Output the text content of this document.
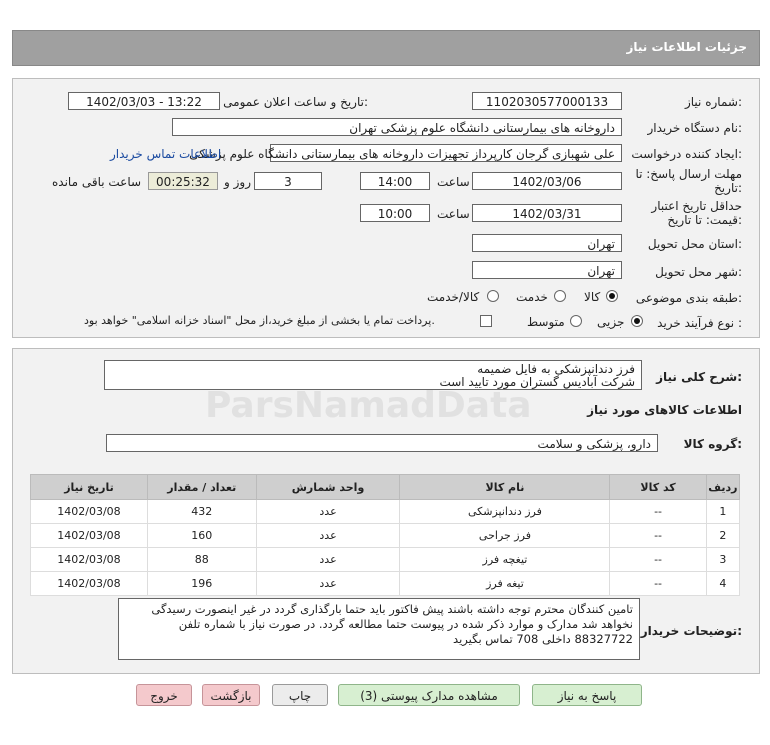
جزئیات اطلاعات نیاز
شماره نیاز:
1102030577000133
تاریخ و ساعت اعلان عمومی:
1402/03/03 - 13:22
نام دستگاه خریدار:
داروخانه های بیمارستانی دانشگاه علوم پزشکی تهران
ایجاد کننده درخواست:
علی شهبازی گرجان کارپرداز تجهیزات داروخانه های بیمارستانی دانشگاه علوم پزشکی
اطلاعات تماس خریدار
مهلت ارسال پاسخ: تا
تاریخ:
1402/03/06
ساعت
14:00
3
روز و
00:25:32
ساعت باقی مانده
حداقل تاریخ اعتبار
قیمت: تا تاریخ:
1402/03/31
ساعت
10:00
استان محل تحویل:
تهران
شهر محل تحویل:
تهران
طبقه بندی موضوعی:
کالا
خدمت
کالا/خدمت
نوع فرآیند خرید :
جزیی
متوسط
پرداخت تمام یا بخشی از مبلغ خرید،از محل "اسناد خزانه اسلامی" خواهد بود.
شرح کلی نیاز:
فرز دندانپزشکی به فایل ضمیمه
شرکت آبادیس گستران مورد تایید است
اطلاعات کالاهای مورد نیاز
گروه کالا:
دارو، پزشکی و سلامت
ردیف	کد کالا	نام کالا	واحد شمارش	تعداد / مقدار	تاریخ نیاز
1	--	فرز دندانپزشکی	عدد	432	1402/03/08
2	--	فرز جراحی	عدد	160	1402/03/08
3	--	تیغچه فرز	عدد	88	1402/03/08
4	--	تیغه فرز	عدد	196	1402/03/08
توضیحات خریدار:
تامین کنندگان محترم توجه داشته باشند پیش فاکتور باید حتما بارگذاری گردد در غیر اینصورت رسیدگی
نخواهد شد مدارک و موارد ذکر شده در پیوست حتما مطالعه گردد. در صورت نیاز با شماره تلفن
88327722 داخلی 708 تماس بگیرید
پاسخ به نیاز
مشاهده مدارک پیوستی (3)
چاپ
بازگشت
خروج
